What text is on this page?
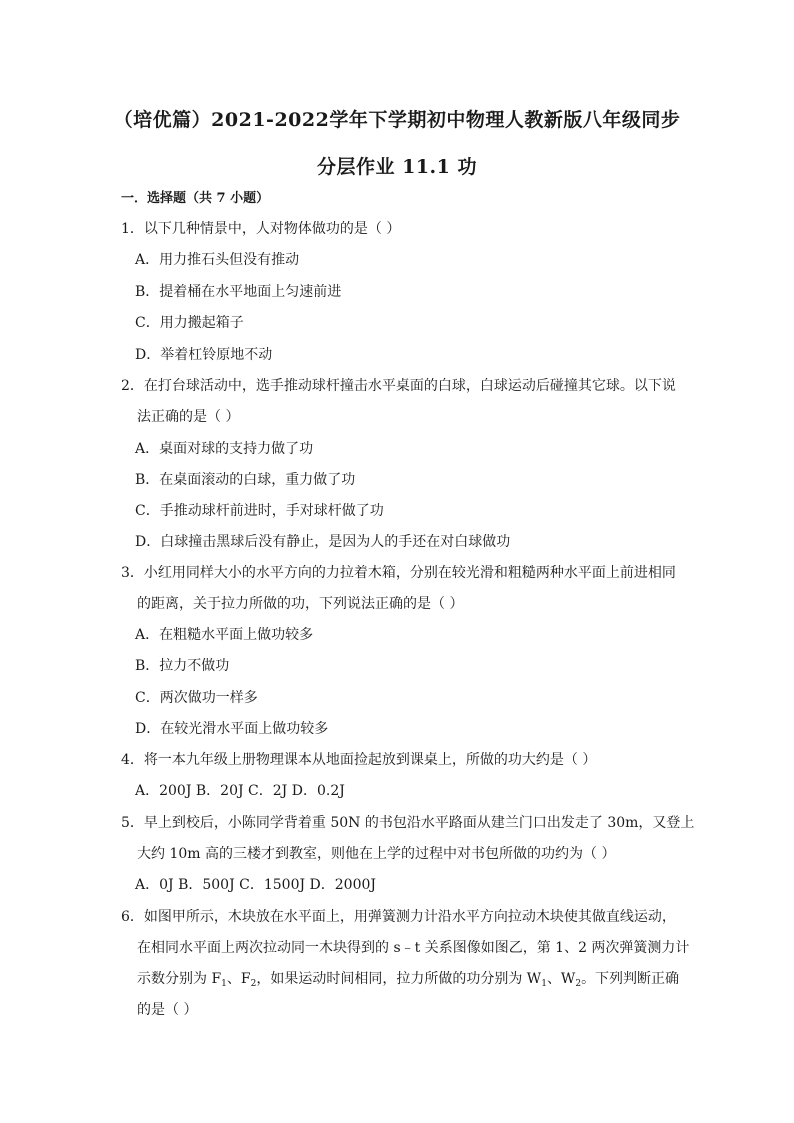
（培优篇）2021-2022学年下学期初中物理人教新版八年级同步
分层作业 11.1 功
一．选择题（共 7 小题）
1．以下几种情景中，人对物体做功的是（ ）
A．用力推石头但没有推动
B．提着桶在水平地面上匀速前进
C．用力搬起箱子
D．举着杠铃原地不动
2．在打台球活动中，选手推动球杆撞击水平桌面的白球，白球运动后碰撞其它球。以下说
法正确的是（ ）
A．桌面对球的支持力做了功
B．在桌面滚动的白球，重力做了功
C．手推动球杆前进时，手对球杆做了功
D．白球撞击黑球后没有静止，是因为人的手还在对白球做功
3．小红用同样大小的水平方向的力拉着木箱，分别在较光滑和粗糙两种水平面上前进相同
的距离，关于拉力所做的功，下列说法正确的是（ ）
A．在粗糙水平面上做功较多
B．拉力不做功
C．两次做功一样多
D．在较光滑水平面上做功较多
4．将一本九年级上册物理课本从地面捡起放到课桌上，所做的功大约是（ ）
A．200J B．20J C．2J D．0.2J
5．早上到校后，小陈同学背着重 50N 的书包沿水平路面从建兰门口出发走了 30m，又登上
大约 10m 高的三楼才到教室，则他在上学的过程中对书包所做的功约为（ ）
A．0J B．500J C．1500J D．2000J
6．如图甲所示，木块放在水平面上，用弹簧测力计沿水平方向拉动木块使其做直线运动，
在相同水平面上两次拉动同一木块得到的 s﹣t 关系图像如图乙，第 1、2 两次弹簧测力计
示数分别为 $F_1$、$F_2$，如果运动时间相同，拉力所做的功分别为 $W_1$、$W_2$。下列判断正确
的是（ ）
